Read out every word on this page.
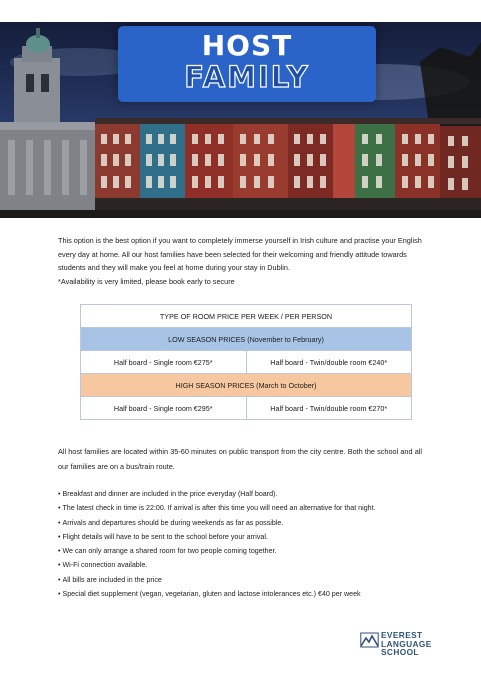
HOST
FAMILY

This option is the best option if you want to completely immerse yourself in Irish culture and practise your English every day at home. All our host families have been selected for their welcoming and friendly attitude towards students and they will make you feel at home during your stay in Dublin.

*Availability is very limited, please book early to secure

TYPE OF ROOM PRICE PER WEEK / PER PERSON	
LOW SEASON PRICES (November to February)	
Half board - Single room €275*	Half board - Twin/double room €240*
HIGH SEASON PRICES (March to October)	
Half board - Single room €295*	Half board - Twin/double room €270*
All host families are located within 35-60 minutes on public transport from the city centre. Both the school and all our families are on a bus/train route.
• Breakfast and dinner are included in the price everyday (Half board).
• The latest check in time is 22:00. If arrival is after this time you will need an alternative for that night.
• Arrivals and departures should be during weekends as far as possible.
• Flight details will have to be sent to the school before your arrival.
• We can only arrange a shared room for two people coming together.
• Wi-Fi connection available.
• All bills are included in the price
• Special diet supplement (vegan, vegetarian, gluten and lactose intolerances etc.) €40 per week
EVEREST
LANGUAGE
SCHOOL
